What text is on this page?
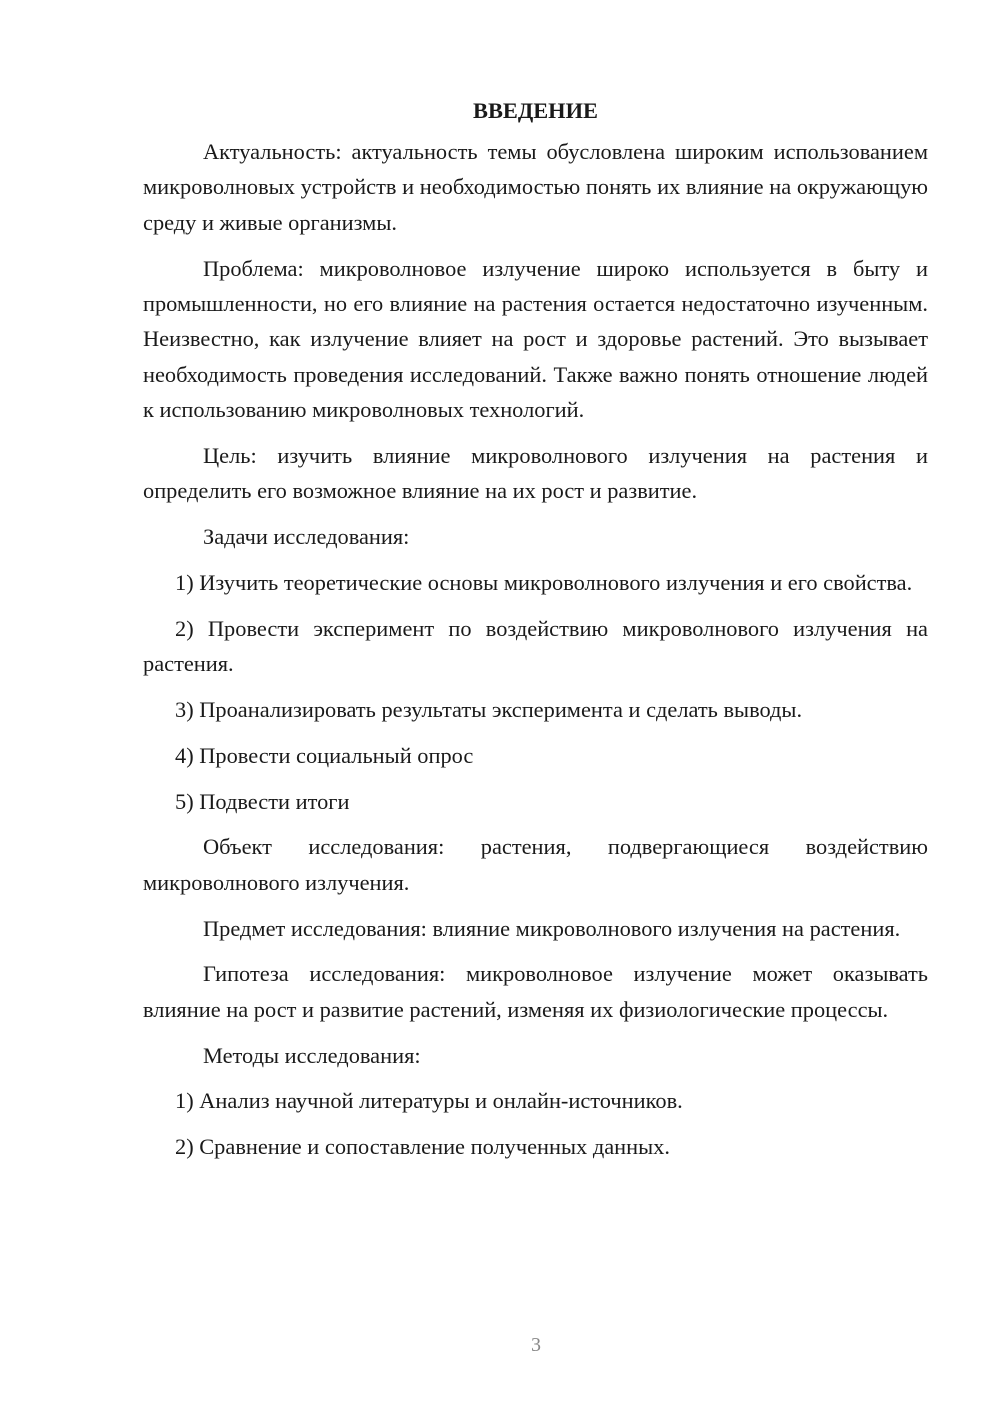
ВВЕДЕНИЕ

Актуальность: актуальность темы обусловлена широким использованием микроволновых устройств и необходимостью понять их влияние на окружающую среду и живые организмы.

Проблема: микроволновое излучение широко используется в быту и промышленности, но его влияние на растения остается недостаточно изученным. Неизвестно, как излучение влияет на рост и здоровье растений. Это вызывает необходимость проведения исследований. Также важно понять отношение людей к использованию микроволновых технологий.

Цель: изучить влияние микроволнового излучения на растения и определить его возможное влияние на их рост и развитие.

Задачи исследования:

1) Изучить теоретические основы микроволнового излучения и его свойства.

2) Провести эксперимент по воздействию микроволнового излучения на растения.

3) Проанализировать результаты эксперимента и сделать выводы.

4) Провести социальный опрос

5) Подвести итоги

Объект исследования: растения, подвергающиеся воздействию микроволнового излучения.

Предмет исследования: влияние микроволнового излучения на растения.

Гипотеза исследования: микроволновое излучение может оказывать влияние на рост и развитие растений, изменяя их физиологические процессы.

Методы исследования:

1) Анализ научной литературы и онлайн-источников.

2) Сравнение и сопоставление полученных данных.

3
